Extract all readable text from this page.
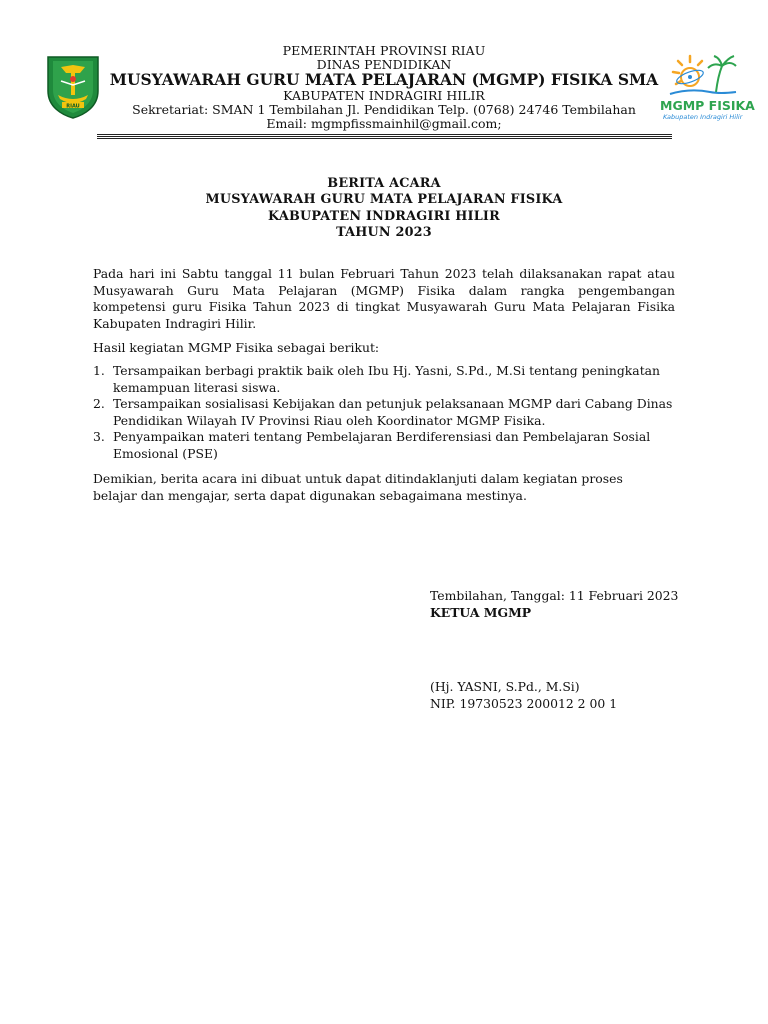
RIAU
PEMERINTAH PROVINSI RIAU
DINAS PENDIDIKAN
MUSYAWARAH GURU MATA PELAJARAN (MGMP) FISIKA SMA
KABUPATEN INDRAGIRI HILIR
Sekretariat: SMAN 1 Tembilahan Jl. Pendidikan Telp. (0768) 24746 Tembilahan
Email: mgmpfissmainhil@gmail.com;
MGMP FISIKA
Kabupaten Indragiri Hilir
BERITA ACARA
MUSYAWARAH GURU MATA PELAJARAN FISIKA
KABUPATEN INDRAGIRI HILIR
TAHUN 2023
Pada hari ini Sabtu tanggal 11 bulan Februari Tahun 2023 telah dilaksanakan rapat atau Musyawarah Guru Mata Pelajaran (MGMP) Fisika dalam rangka pengembangan kompetensi guru Fisika Tahun 2023 di tingkat Musyawarah Guru Mata Pelajaran Fisika Kabupaten Indragiri Hilir.
Hasil kegiatan MGMP Fisika sebagai berikut:
1. Tersampaikan berbagi praktik baik oleh Ibu Hj. Yasni, S.Pd., M.Si tentang peningkatan kemampuan literasi siswa.
2. Tersampaikan sosialisasi Kebijakan dan petunjuk pelaksanaan MGMP dari Cabang Dinas Pendidikan Wilayah IV Provinsi Riau oleh Koordinator MGMP Fisika.
3. Penyampaikan materi tentang Pembelajaran Berdiferensiasi dan Pembelajaran Sosial Emosional (PSE)
Demikian, berita acara ini dibuat untuk dapat ditindaklanjuti dalam kegiatan proses belajar dan mengajar, serta dapat digunakan sebagaimana mestinya.
Tembilahan, Tanggal: 11 Februari 2023
KETUA MGMP
(Hj. YASNI, S.Pd., M.Si)
NIP. 19730523 200012 2 00 1
